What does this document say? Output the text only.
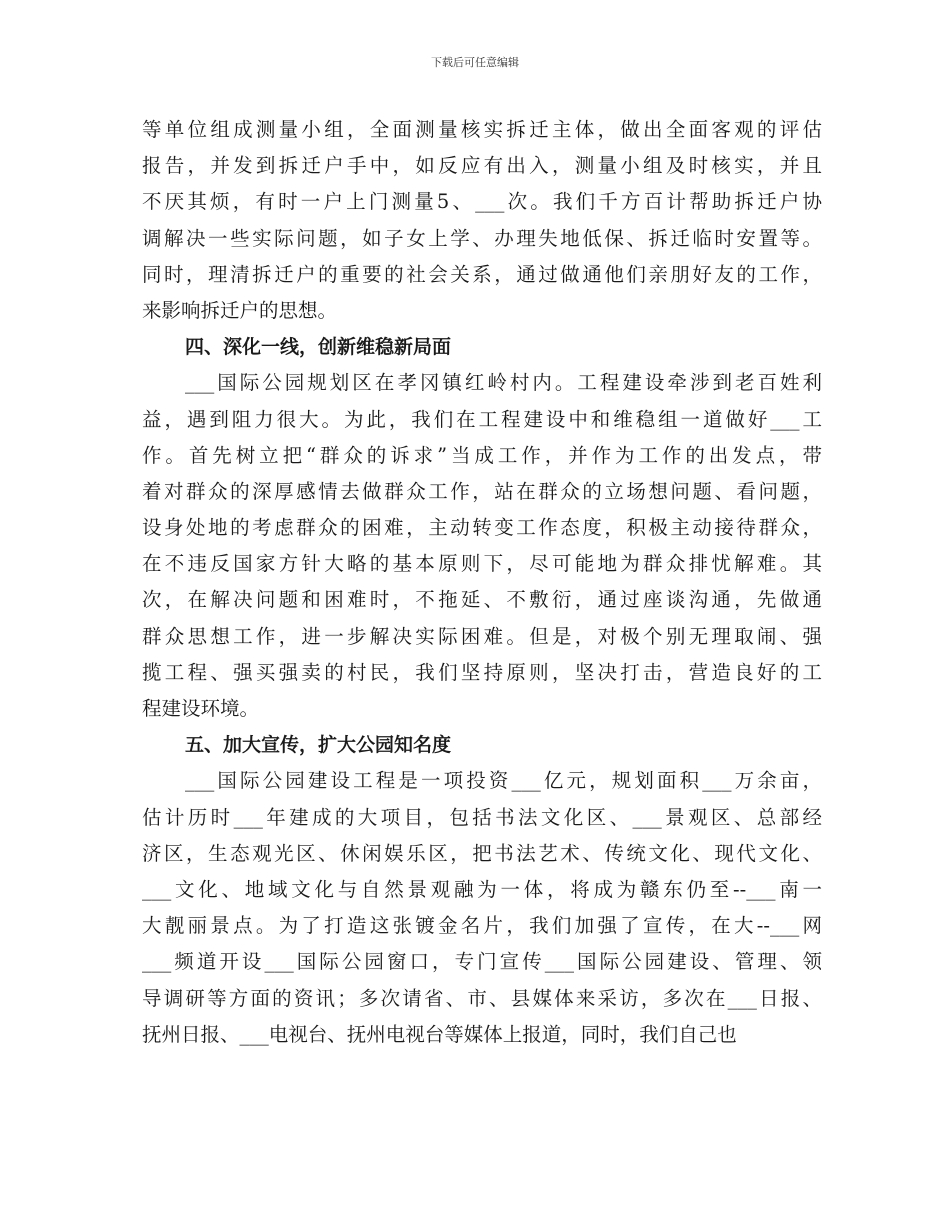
下载后可任意编辑
等单位组成测量小组，全面测量核实拆迁主体，做出全面客观的评估
报告，并发到拆迁户手中，如反应有出入，测量小组及时核实，并且
不厌其烦，有时一户上门测量5、___次。我们千方百计帮助拆迁户协
调解决一些实际问题，如子女上学、办理失地低保、拆迁临时安置等。
同时，理清拆迁户的重要的社会关系，通过做通他们亲朋好友的工作，
来影响拆迁户的思想。
四、深化一线，创新维稳新局面
___国际公园规划区在孝冈镇红岭村内。工程建设牵涉到老百姓利
益，遇到阻力很大。为此，我们在工程建设中和维稳组一道做好___工
作。首先树立把“群众的诉求”当成工作，并作为工作的出发点，带
着对群众的深厚感情去做群众工作，站在群众的立场想问题、看问题，
设身处地的考虑群众的困难，主动转变工作态度，积极主动接待群众，
在不违反国家方针大略的基本原则下，尽可能地为群众排忧解难。其
次，在解决问题和困难时，不拖延、不敷衍，通过座谈沟通，先做通
群众思想工作，进一步解决实际困难。但是，对极个别无理取闹、强
揽工程、强买强卖的村民，我们坚持原则，坚决打击，营造良好的工
程建设环境。
五、加大宣传，扩大公园知名度
___国际公园建设工程是一项投资___亿元，规划面积___万余亩，
估计历时___年建成的大项目，包括书法文化区、___景观区、总部经
济区，生态观光区、休闲娱乐区，把书法艺术、传统文化、现代文化、
___文化、地域文化与自然景观融为一体，将成为赣东仍至--___南一
大靓丽景点。为了打造这张镀金名片，我们加强了宣传，在大--___网
___频道开设___国际公园窗口，专门宣传___国际公园建设、管理、领
导调研等方面的资讯；多次请省、市、县媒体来采访，多次在___日报、
抚州日报、___电视台、抚州电视台等媒体上报道，同时，我们自己也
